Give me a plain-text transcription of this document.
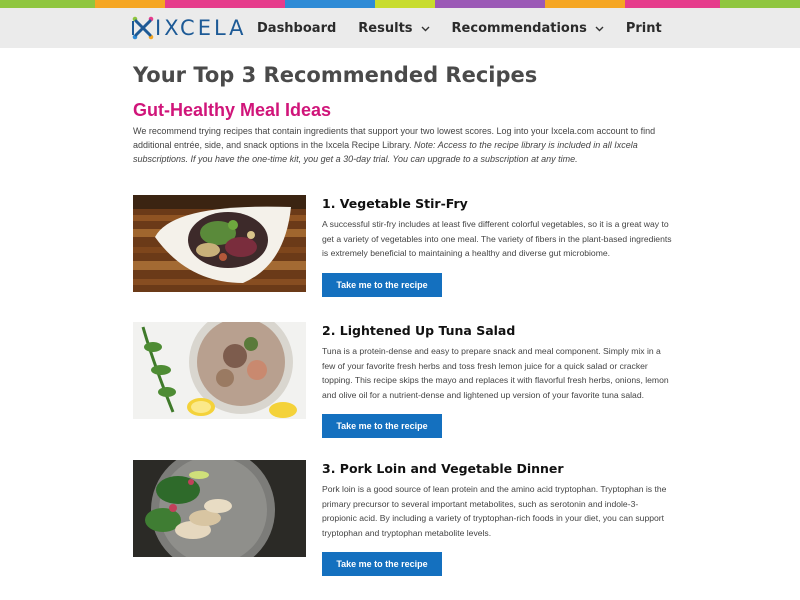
IXCELA Dashboard Results	Recommendations	Print
Your Top 3 Recommended Recipes
Gut-Healthy Meal Ideas

We recommend trying recipes that contain ingredients that support your two lowest scores. Log into your Ixcela.com account to find additional entrée, side, and snack options in the Ixcela Recipe Library. Note: Access to the recipe library is included in all Ixcela subscriptions. If you have the one-time kit, you get a 30-day trial. You can upgrade to a subscription at any time.

1. Vegetable Stir-Fry
A successful stir-fry includes at least five different colorful vegetables, so it is a great way to get a variety of vegetables into one meal. The variety of fibers in the plant-based ingredients is extremely beneficial to maintaining a healthy and diverse gut microbiome.
Take me to the recipe
2. Lightened Up Tuna Salad
Tuna is a protein-dense and easy to prepare snack and meal component. Simply mix in a few of your favorite fresh herbs and toss fresh lemon juice for a quick salad or cracker topping. This recipe skips the mayo and replaces it with flavorful fresh herbs, onions, lemon and olive oil for a nutrient-dense and lightened up version of your favorite tuna salad.
Take me to the recipe
3. Pork Loin and Vegetable Dinner
Pork loin is a good source of lean protein and the amino acid tryptophan. Tryptophan is the primary precursor to several important metabolites, such as serotonin and indole-3-propionic acid. By including a variety of tryptophan-rich foods in your diet, you can support tryptophan and tryptophan metabolite levels.
Take me to the recipe
